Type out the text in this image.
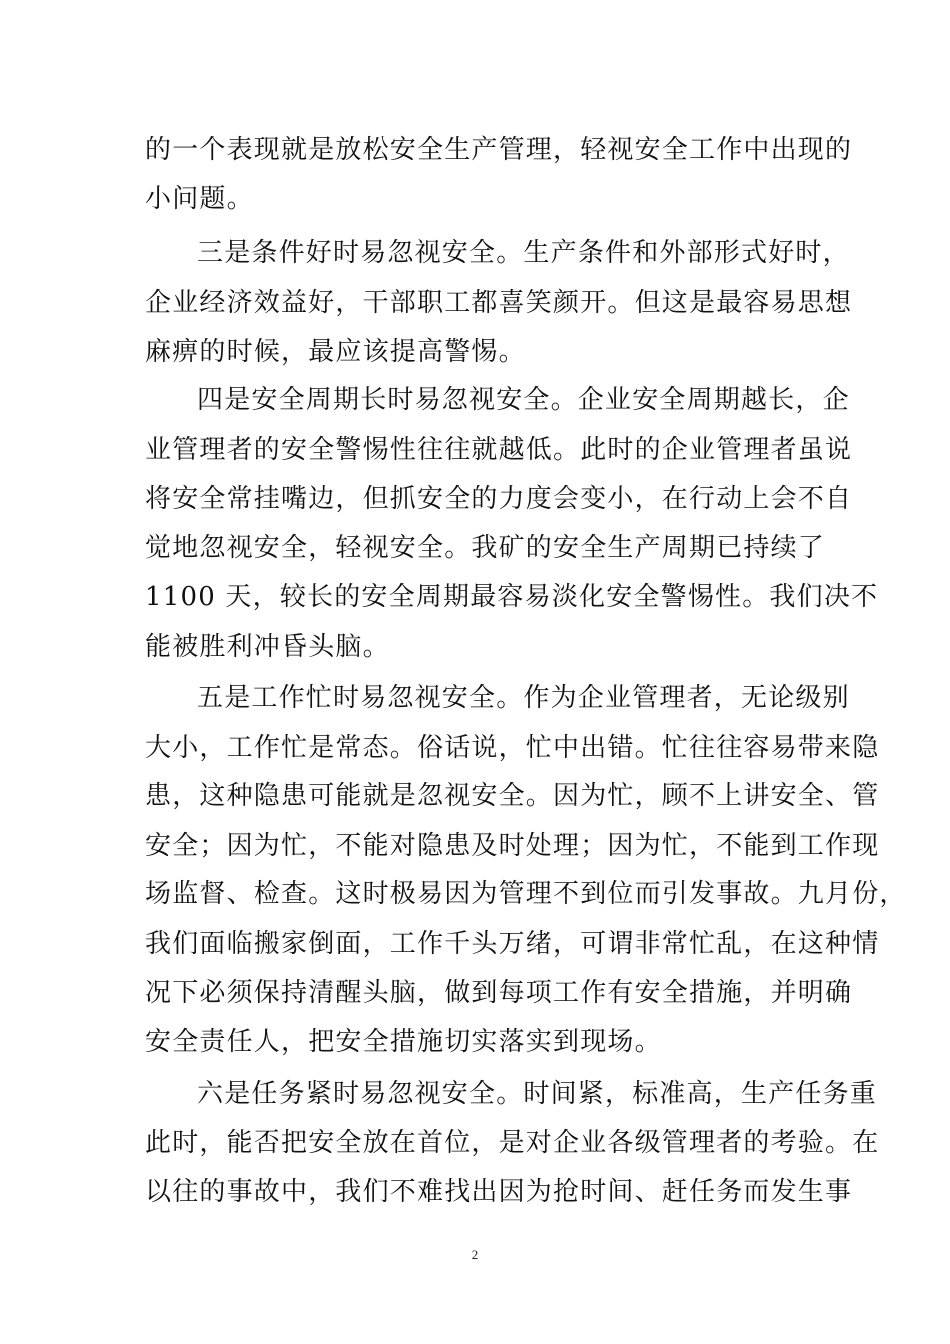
的一个表现就是放松安全生产管理，轻视安全工作中出现的
小问题。
三是条件好时易忽视安全。生产条件和外部形式好时，
企业经济效益好，干部职工都喜笑颜开。但这是最容易思想
麻痹的时候，最应该提高警惕。
四是安全周期长时易忽视安全。企业安全周期越长，企
业管理者的安全警惕性往往就越低。此时的企业管理者虽说
将安全常挂嘴边，但抓安全的力度会变小，在行动上会不自
觉地忽视安全，轻视安全。我矿的安全生产周期已持续了
1100 天，较长的安全周期最容易淡化安全警惕性。我们决不
能被胜利冲昏头脑。
五是工作忙时易忽视安全。作为企业管理者，无论级别
大小，工作忙是常态。俗话说，忙中出错。忙往往容易带来隐
患，这种隐患可能就是忽视安全。因为忙，顾不上讲安全、管
安全；因为忙，不能对隐患及时处理；因为忙，不能到工作现
场监督、检查。这时极易因为管理不到位而引发事故。九月份，
我们面临搬家倒面，工作千头万绪，可谓非常忙乱，在这种情
况下必须保持清醒头脑，做到每项工作有安全措施，并明确
安全责任人，把安全措施切实落实到现场。
六是任务紧时易忽视安全。时间紧，标准高，生产任务重
此时，能否把安全放在首位，是对企业各级管理者的考验。在
以往的事故中，我们不难找出因为抢时间、赶任务而发生事
2
